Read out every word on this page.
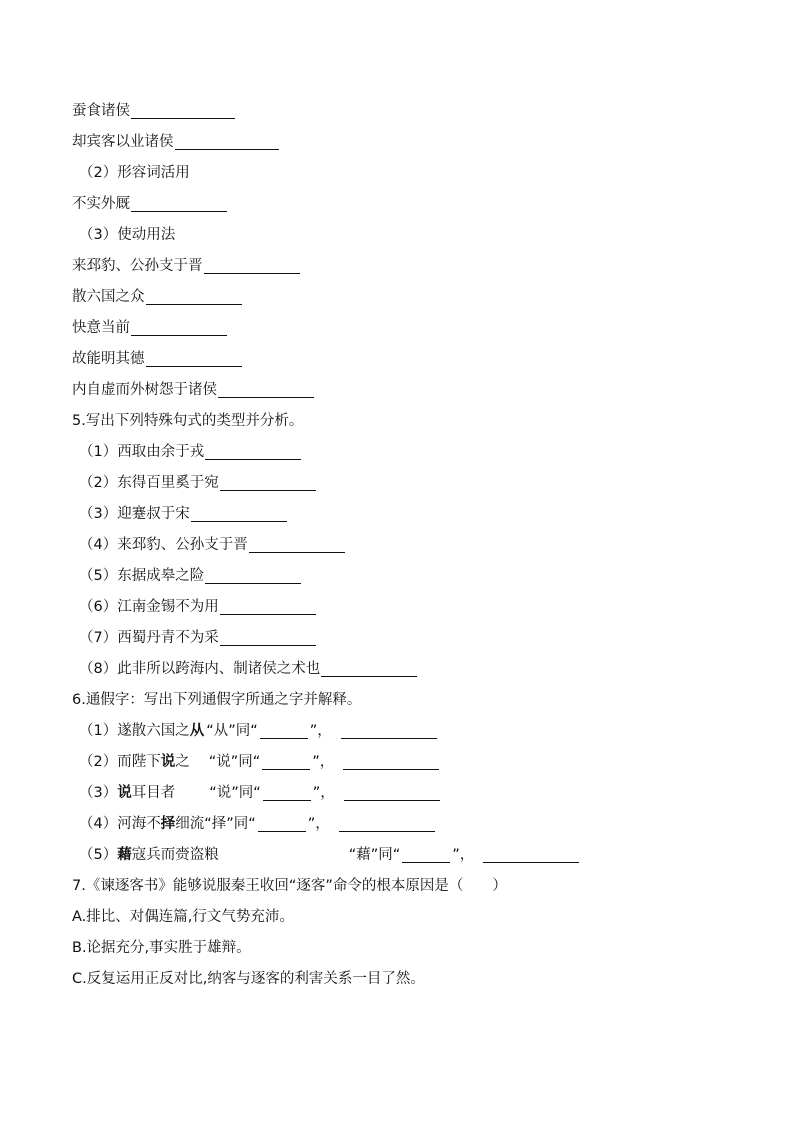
蚕食诸侯
却宾客以业诸侯
（2）形容词活用
不实外厩
（3）使动用法
来邳豹、公孙支于晋
散六国之众
快意当前
故能明其德
内自虚而外树怨于诸侯
5.写出下列特殊句式的类型并分析。
（1）西取由余于戎
（2）东得百里奚于宛
（3）迎蹇叔于宋
（4）来邳豹、公孙支于晋
（5）东据成皋之险
（6）江南金锡不为用
（7）西蜀丹青不为采
（8）此非所以跨海内、制诸侯之术也
6.通假字：写出下列通假字所通之字并解释。
（1） 遂散六国之 从 “从”同“	”，
（2） 而陛下 说 之 “说”同“	”，
（3） 说 耳目者 “说”同“	”，
（4） 河海不 择 细流 “择”同“	”，
（5） 藉 寇兵而赍盗粮	“藉”同“	”，
7.《谏逐客书》能够说服秦王收回“逐客”命令的根本原因是（　　）
A.排比、对偶连篇,行文气势充沛。
B.论据充分,事实胜于雄辩。
C.反复运用正反对比,纳客与逐客的利害关系一目了然。
